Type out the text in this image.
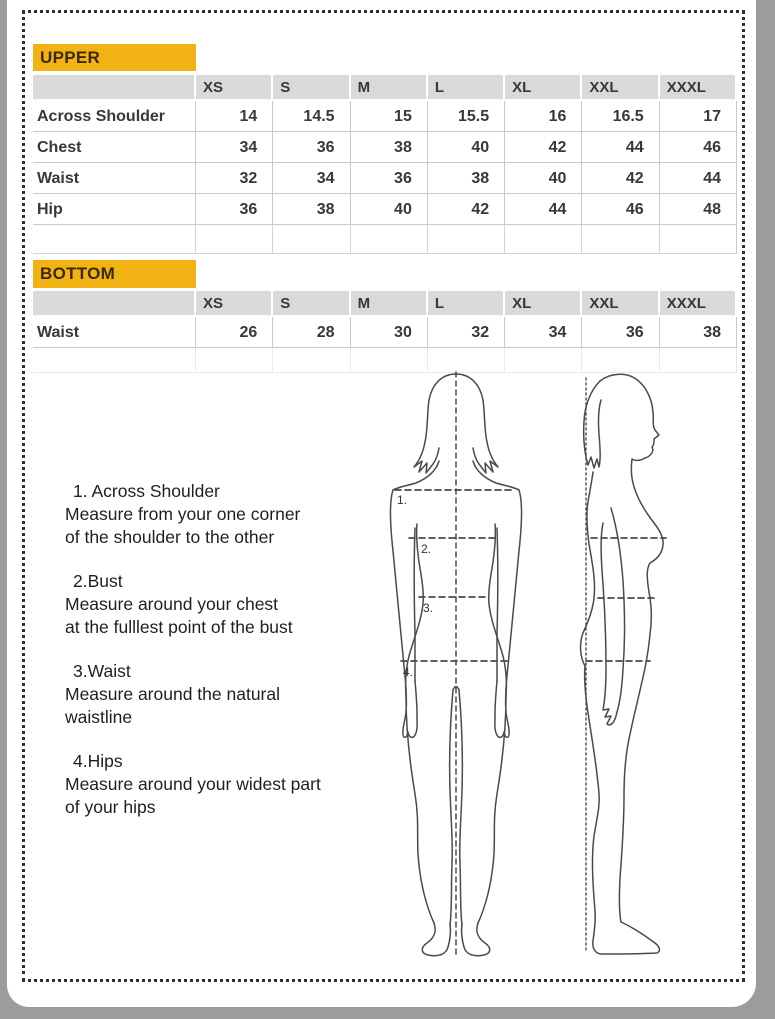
UPPER
XS	S	M	L	XL	XXL	XXXL
Across Shoulder	14	14.5	15	15.5	16	16.5	17
Chest	34	36	38	40	42	44	46
Waist	32	34	36	38	40	42	44
Hip	36	38	40	42	44	46	48
BOTTOM
XS	S	M	L	XL	XXL	XXXL
Waist	26	28	30	32	34	36	38
1. Across Shoulder
Measure from your one corner
of the shoulder to the other
2.Bust
Measure around your chest
at the fulllest point of the bust
3.Waist
Measure around the natural
waistline
4.Hips
Measure around your widest part
of your hips
1.
2.
3.
4.
